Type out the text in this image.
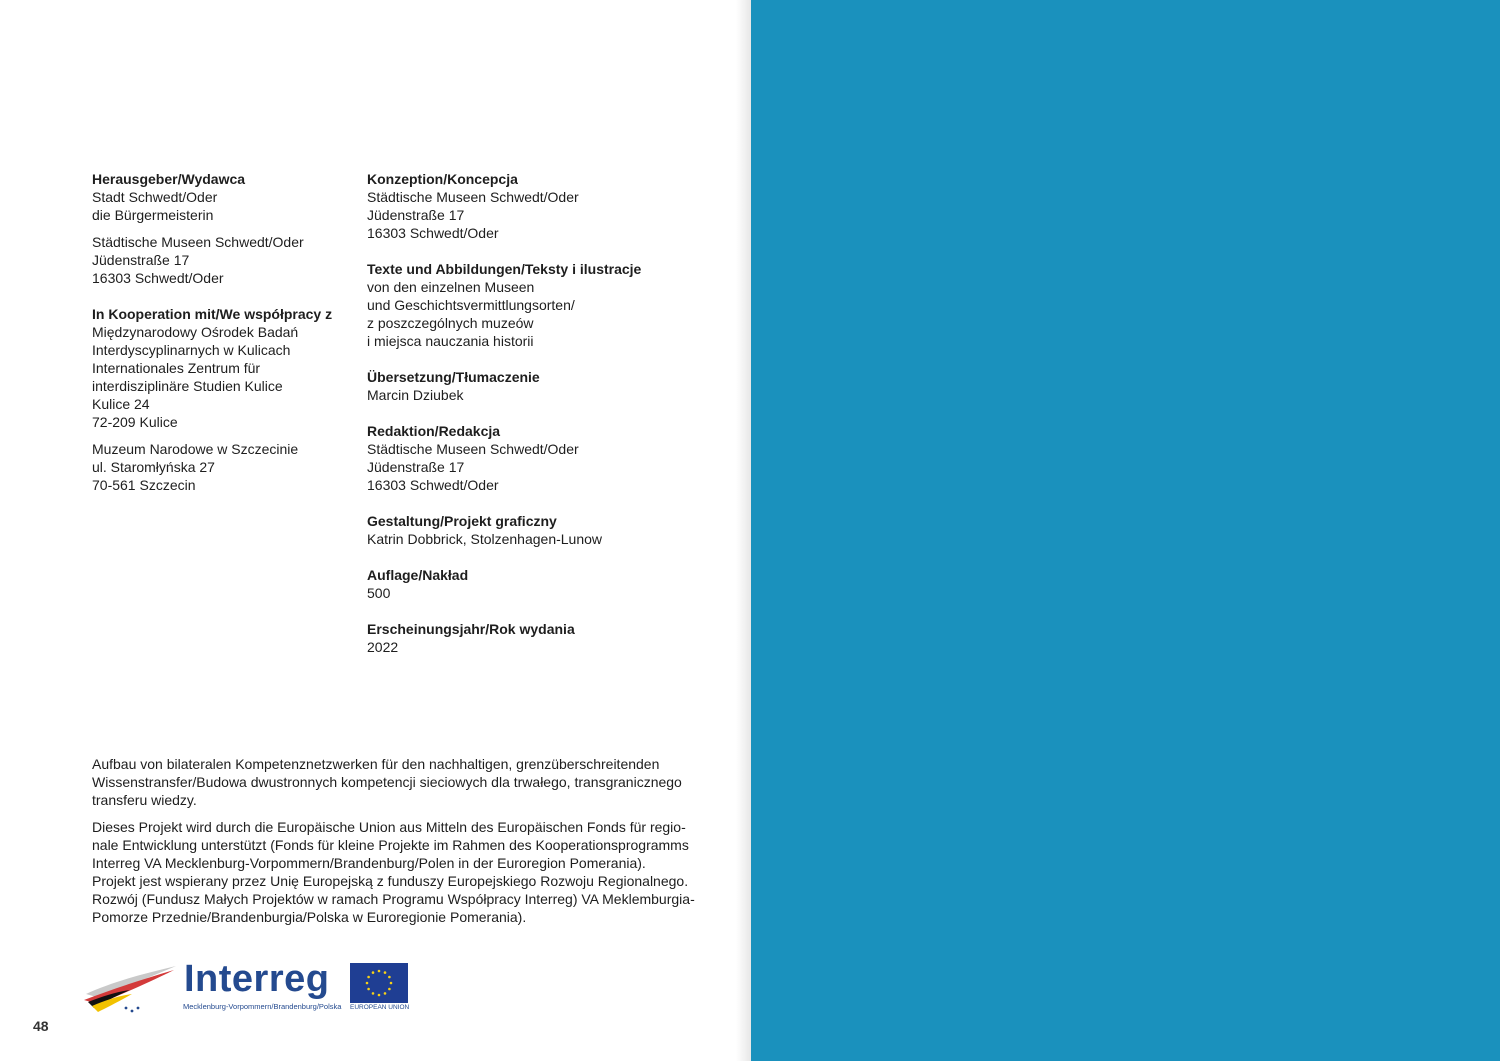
Herausgeber/Wydawca
Stadt Schwedt/Oder
die Bürgermeisterin
Städtische Museen Schwedt/Oder
Jüdenstraße 17
16303 Schwedt/Oder
In Kooperation mit/We współpracy z
Międzynarodowy Ośrodek Badań
Interdyscyplinarnych w Kulicach
Internationales Zentrum für
interdisziplinäre Studien Kulice
Kulice 24
72-209 Kulice
Muzeum Narodowe w Szczecinie
ul. Staromłyńska 27
70-561 Szczecin
Konzeption/Koncepcja
Städtische Museen Schwedt/Oder
Jüdenstraße 17
16303 Schwedt/Oder
Texte und Abbildungen/Teksty i ilustracje
von den einzelnen Museen
und Geschichtsvermittlungsorten/
z poszczególnych muzeów
i miejsca nauczania historii
Übersetzung/Tłumaczenie
Marcin Dziubek
Redaktion/Redakcja
Städtische Museen Schwedt/Oder
Jüdenstraße 17
16303 Schwedt/Oder
Gestaltung/Projekt graficzny
Katrin Dobbrick, Stolzenhagen-Lunow
Auflage/Nakład
500
Erscheinungsjahr/Rok wydania
2022

Aufbau von bilateralen Kompetenznetzwerken für den nachhaltigen, grenzüberschreitenden
Wissenstransfer/Budowa dwustronnych kompetencji sieciowych dla trwałego, transgranicznego
transferu wiedzy.

Dieses Projekt wird durch die Europäische Union aus Mitteln des Europäischen Fonds für regio-
nale Entwicklung unterstützt (Fonds für kleine Projekte im Rahmen des Kooperationsprogramms
Interreg VA Mecklenburg-Vorpommern/Brandenburg/Polen in der Euroregion Pomerania).
Projekt jest wspierany przez Unię Europejską z funduszy Europejskiego Rozwoju Regionalnego.
Rozwój (Fundusz Małych Projektów w ramach Programu Współpracy Interreg) VA Meklemburgia-
Pomorze Przednie/Brandenburgia/Polska w Euroregionie Pomerania).

Interreg
Mecklenburg-Vorpommern/Brandenburg/Polska EUROPEAN UNION
48
